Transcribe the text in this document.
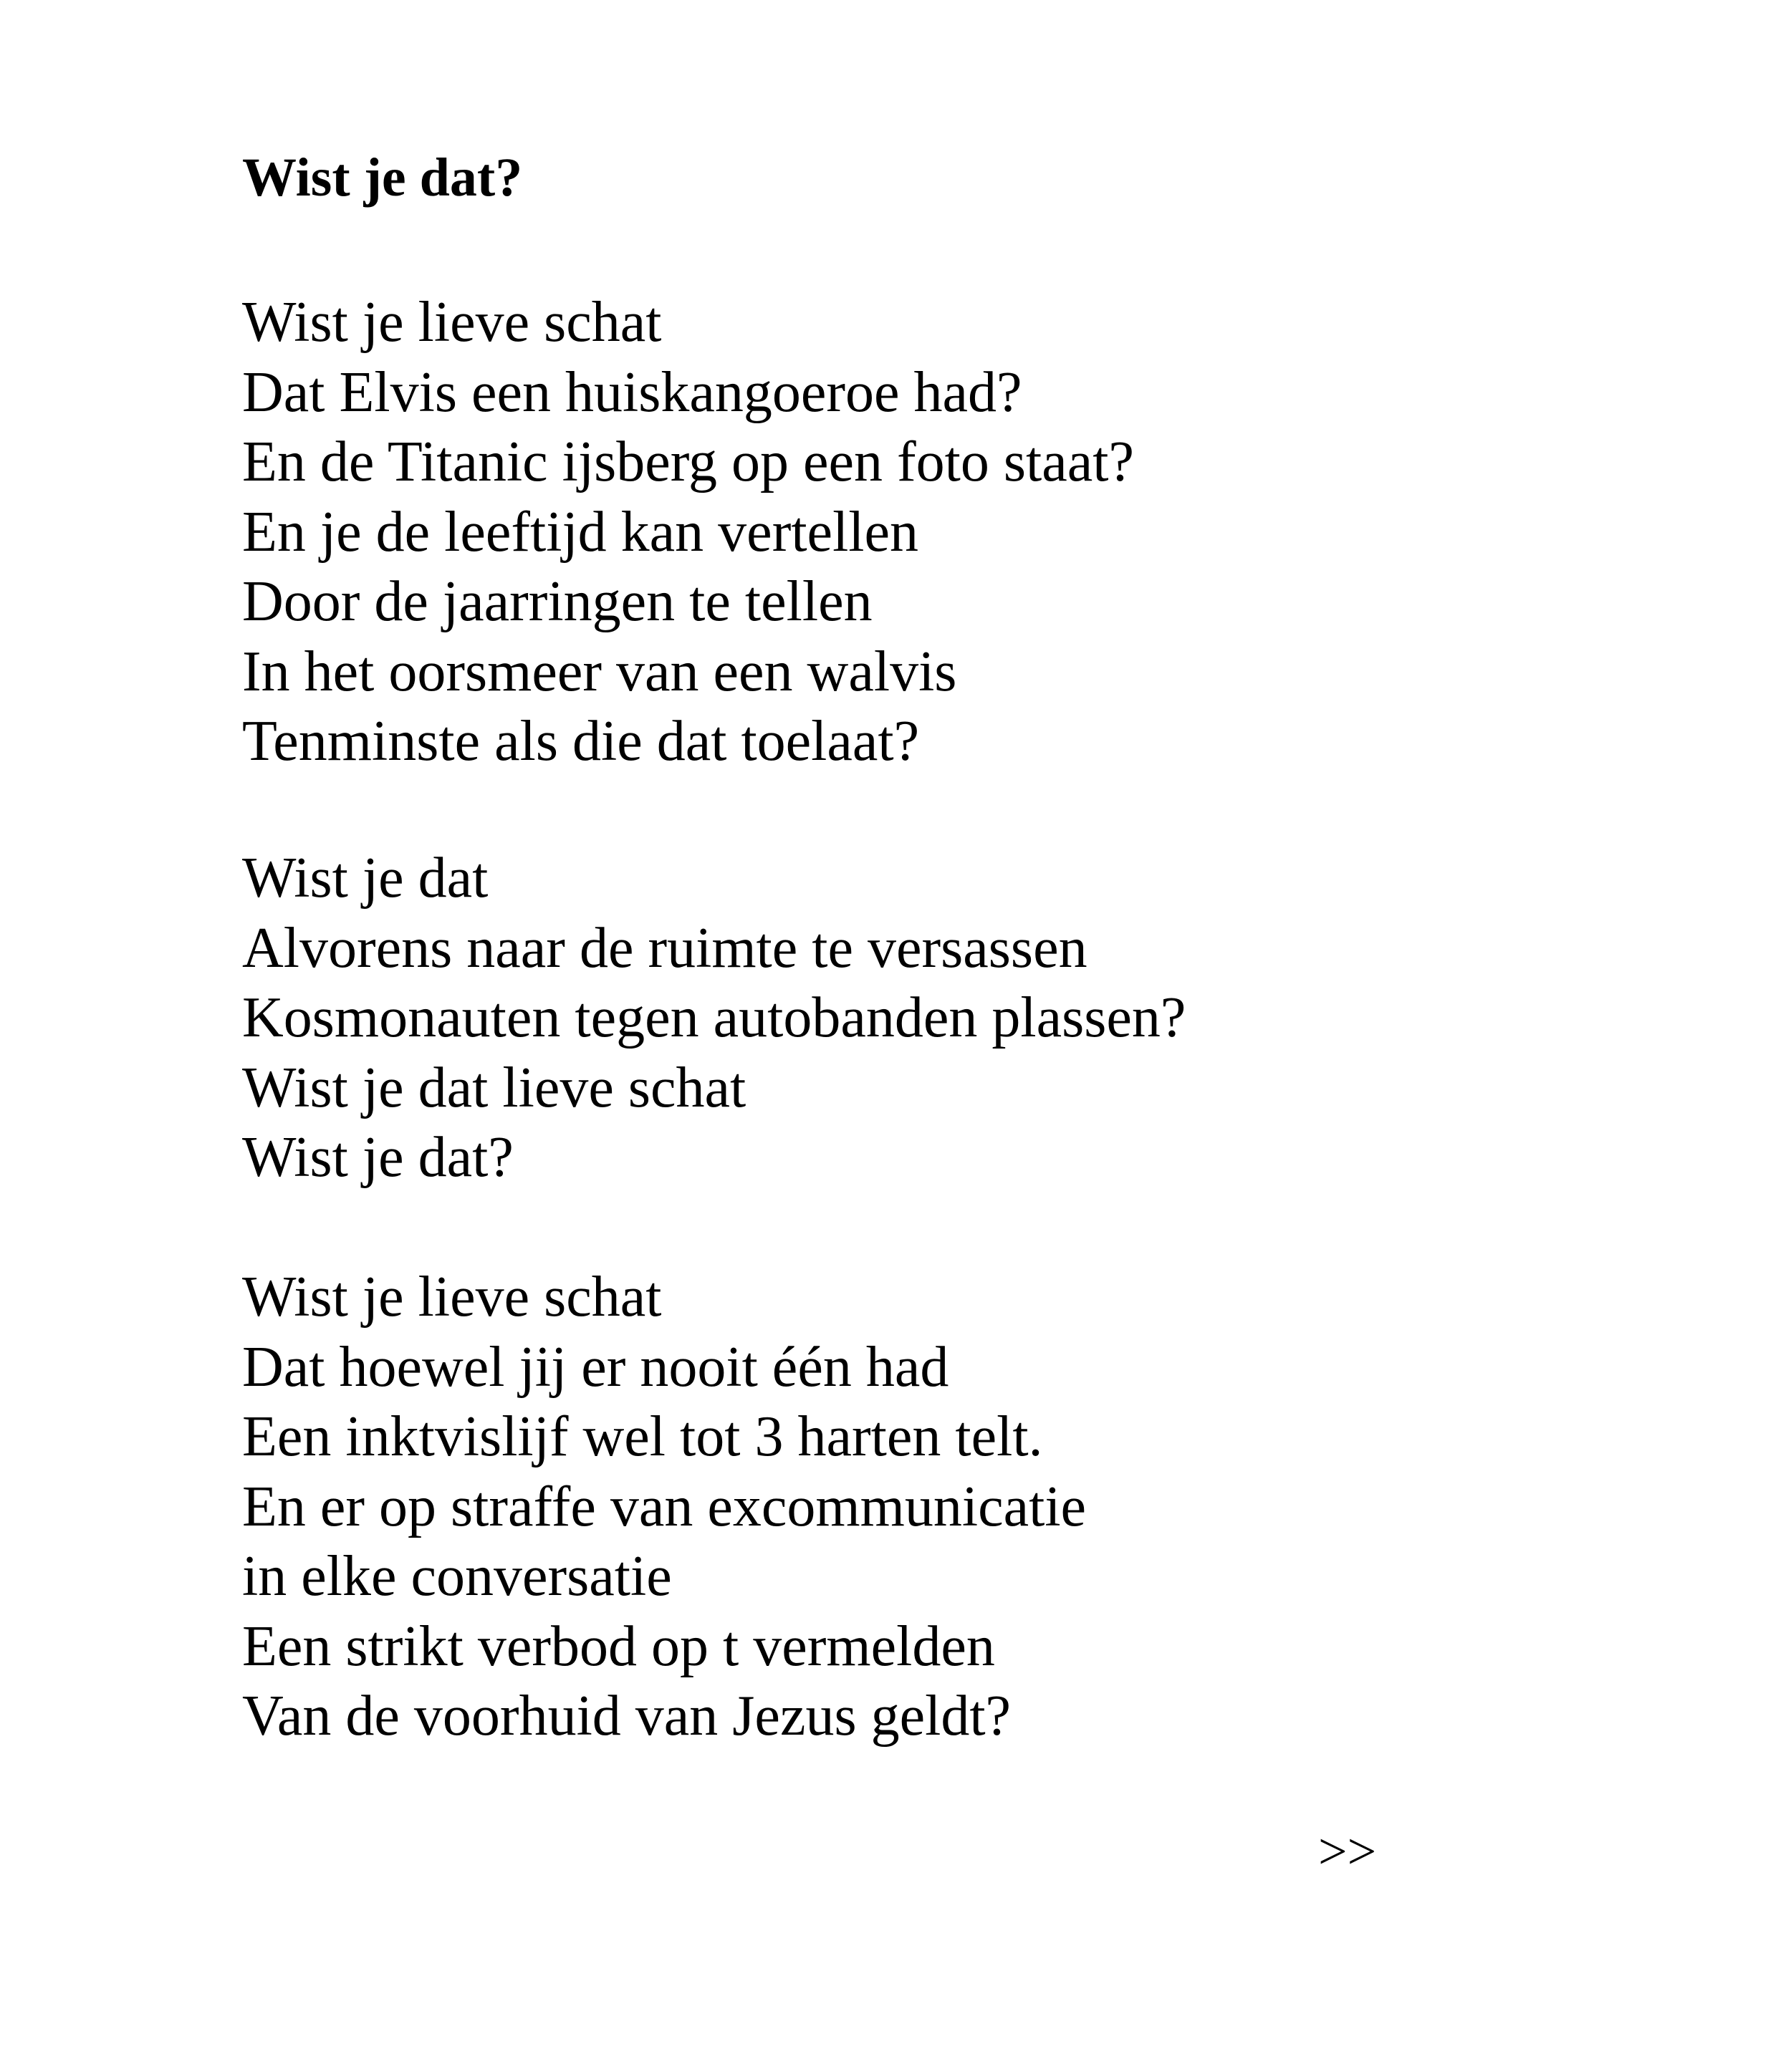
Wist je dat?
Wist je lieve schat
Dat Elvis een huiskangoeroe had?
En de Titanic ijsberg op een foto staat?
En je de leeftijd kan vertellen
Door de jaarringen te tellen
In het oorsmeer van een walvis
Tenminste als die dat toelaat?
Wist je dat
Alvorens naar de ruimte te versassen
Kosmonauten tegen autobanden plassen?
Wist je dat lieve schat
Wist je dat?
Wist je lieve schat
Dat hoewel jij er nooit één had
Een inktvislijf wel tot 3 harten telt.
En er op straffe van excommunicatie
in elke conversatie
Een strikt verbod op t vermelden
Van de voorhuid van Jezus geldt?
>>
